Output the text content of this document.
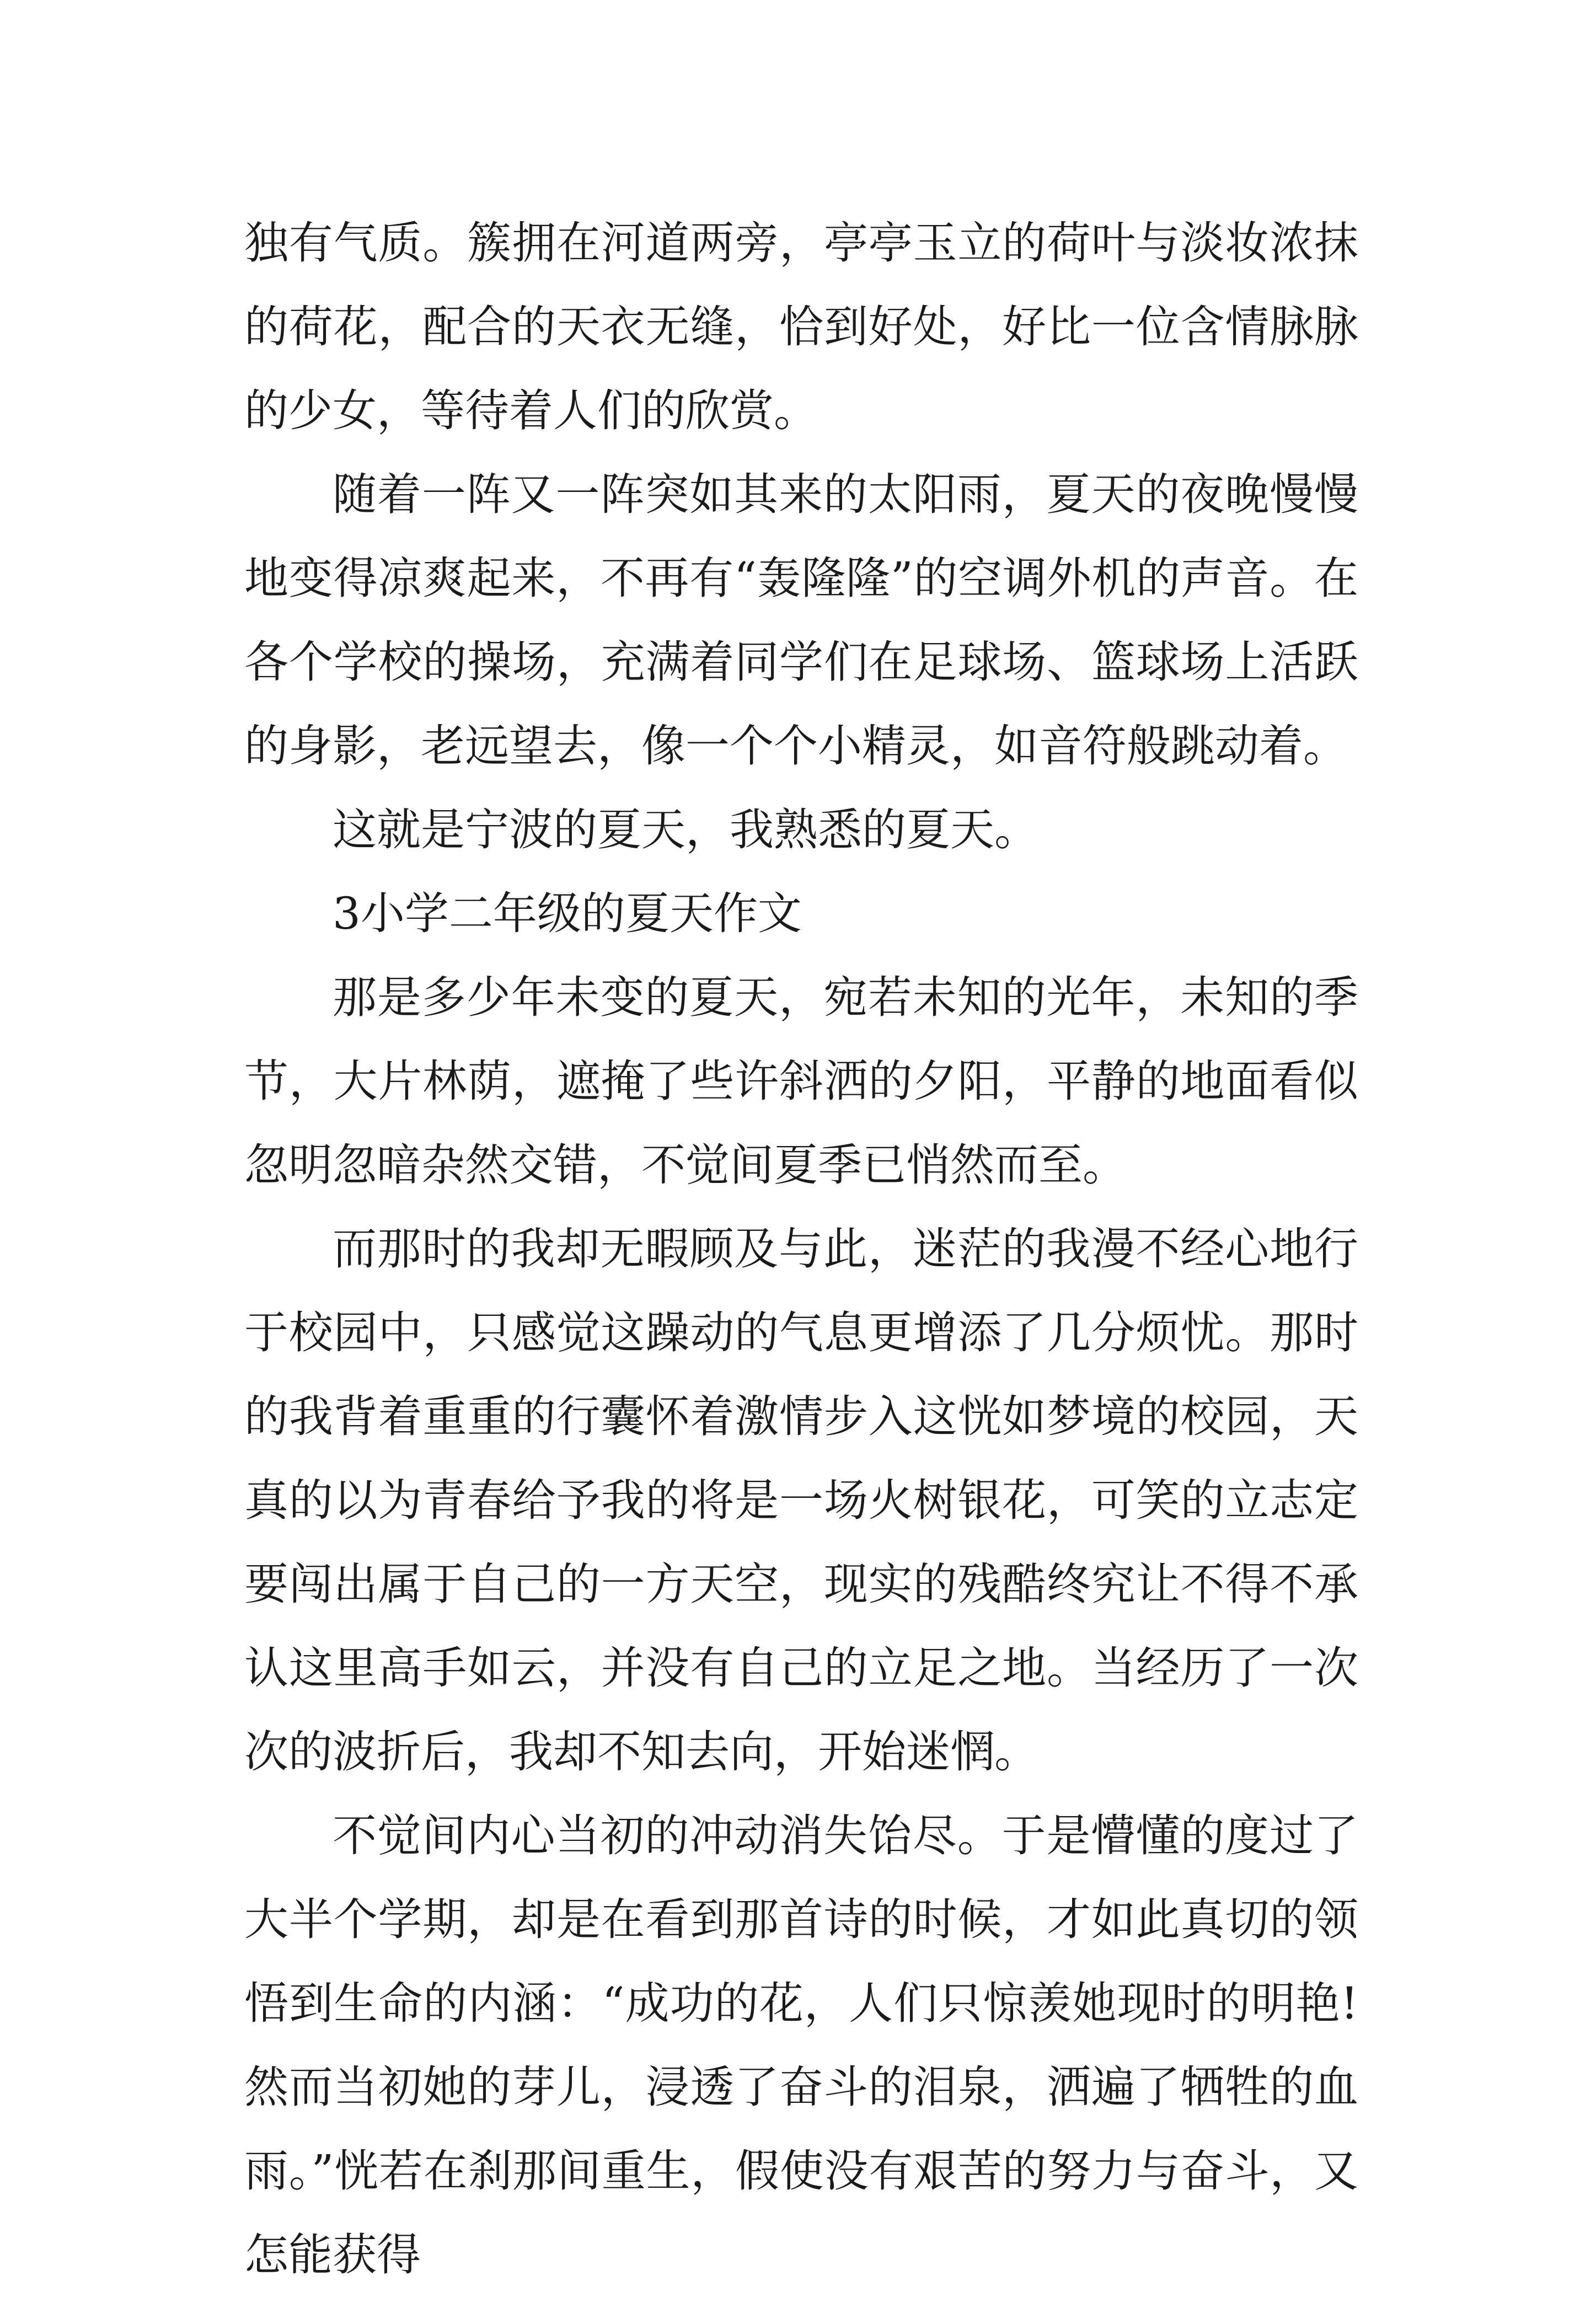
独有气质。簇拥在河道两旁，亭亭玉立的荷叶与淡妆浓抹的荷花，配合的天衣无缝，恰到好处，好比一位含情脉脉的少女，等待着人们的欣赏。

随着一阵又一阵突如其来的太阳雨，夏天的夜晚慢慢地变得凉爽起来，不再有“轰隆隆”的空调外机的声音。在各个学校的操场，充满着同学们在足球场、篮球场上活跃的身影，老远望去，像一个个小精灵，如音符般跳动着。

这就是宁波的夏天，我熟悉的夏天。

3小学二年级的夏天作文

那是多少年未变的夏天，宛若未知的光年，未知的季节，大片林荫，遮掩了些许斜洒的夕阳，平静的地面看似忽明忽暗杂然交错，不觉间夏季已悄然而至。

而那时的我却无暇顾及与此，迷茫的我漫不经心地行于校园中，只感觉这躁动的气息更增添了几分烦忧。那时的我背着重重的行囊怀着激情步入这恍如梦境的校园，天真的以为青春给予我的将是一场火树银花，可笑的立志定要闯出属于自己的一方天空，现实的残酷终究让不得不承认这里高手如云，并没有自己的立足之地。当经历了一次次的波折后，我却不知去向，开始迷惘。

不觉间内心当初的冲动消失饴尽。于是懵懂的度过了大半个学期，却是在看到那首诗的时候，才如此真切的领悟到生命的内涵：“成功的花，人们只惊羡她现时的明艳!然而当初她的芽儿，浸透了奋斗的泪泉，洒遍了牺牲的血雨。”恍若在刹那间重生，假使没有艰苦的努力与奋斗，又怎能获得
